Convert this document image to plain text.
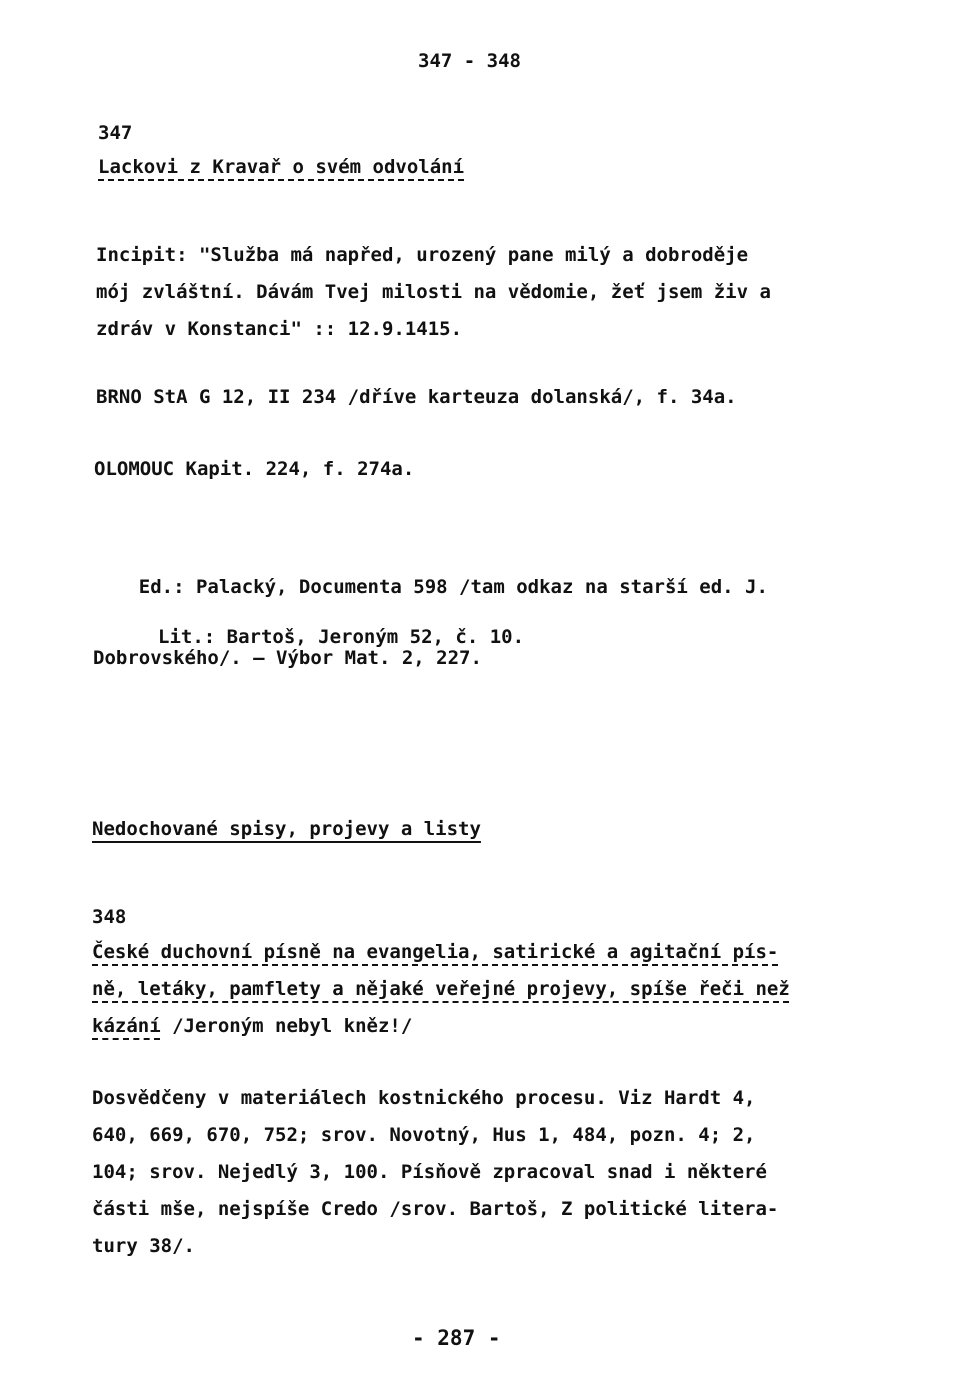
347 - 348
347
Lackovi z Kravař o svém odvolání
Incipit: "Služba má napřed, urozený pane milý a dobroděje
mój zvláštní. Dávám Tvej milosti na vědomie, žeť jsem živ a
zdráv v Konstanci" :: 12.9.1415.
BRNO StA G 12, II 234 /dříve karteuza dolanská/, f. 34a.
OLOMOUC Kapit. 224, f. 274a.

Ed.: Palacký, Documenta 598 /tam odkaz na starší ed. J.

Dobrovského/. — Výbor Mat. 2, 227.

Lit.: Bartoš, Jeroným 52, č. 10.
Nedochované spisy, projevy a listy
348
České duchovní písně na evangelia, satirické a agitační pís-
ně, letáky, pamflety a nějaké veřejné projevy, spíše řeči než
kázání /Jeroným nebyl kněz!/
Dosvědčeny v materiálech kostnického procesu. Viz Hardt 4,
640, 669, 670, 752; srov. Novotný, Hus 1, 484, pozn. 4; 2,
104; srov. Nejedlý 3, 100. Písňově zpracoval snad i některé
části mše, nejspíše Credo /srov. Bartoš, Z politické litera-
tury 38/.
- 287 -
